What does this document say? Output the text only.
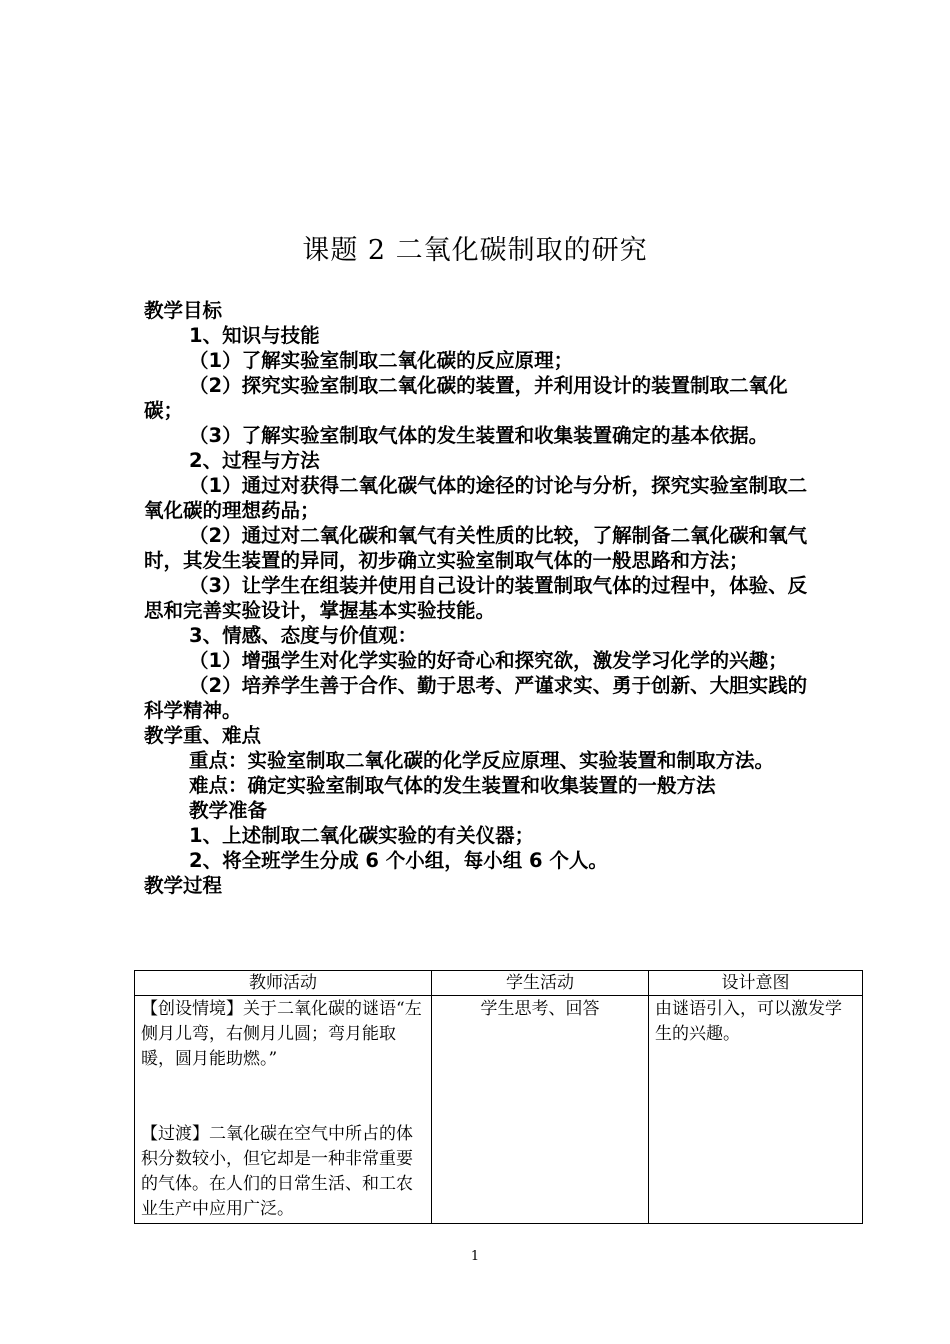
课题 2 二氧化碳制取的研究

教学目标

1、知识与技能

（1）了解实验室制取二氧化碳的反应原理；

（2）探究实验室制取二氧化碳的装置，并利用设计的装置制取二氧化碳；

（3）了解实验室制取气体的发生装置和收集装置确定的基本依据。

2、过程与方法

（1）通过对获得二氧化碳气体的途径的讨论与分析，探究实验室制取二氧化碳的理想药品；

（2）通过对二氧化碳和氧气有关性质的比较，了解制备二氧化碳和氧气时，其发生装置的异同，初步确立实验室制取气体的一般思路和方法；

（3）让学生在组装并使用自己设计的装置制取气体的过程中，体验、反思和完善实验设计，掌握基本实验技能。

3、情感、态度与价值观：

（1）增强学生对化学实验的好奇心和探究欲，激发学习化学的兴趣；

（2）培养学生善于合作、勤于思考、严谨求实、勇于创新、大胆实践的科学精神。

教学重、难点

重点：实验室制取二氧化碳的化学反应原理、实验装置和制取方法。

难点：确定实验室制取气体的发生装置和收集装置的一般方法

教学准备

1、上述制取二氧化碳实验的有关仪器；

2、将全班学生分成 6 个小组，每小组 6 个人。

教学过程

教师活动	学生活动	设计意图

【创设情境】关于二氧化碳的谜语“左侧月儿弯，右侧月儿圆；弯月能取暖，圆月能助燃。”
【过渡】二氧化碳在空气中所占的体积分数较小，但它却是一种非常重要的气体。在人们的日常生活、和工农业生产中应用广泛。	学生思考、回答	由谜语引入，可以激发学生的兴趣。
1
